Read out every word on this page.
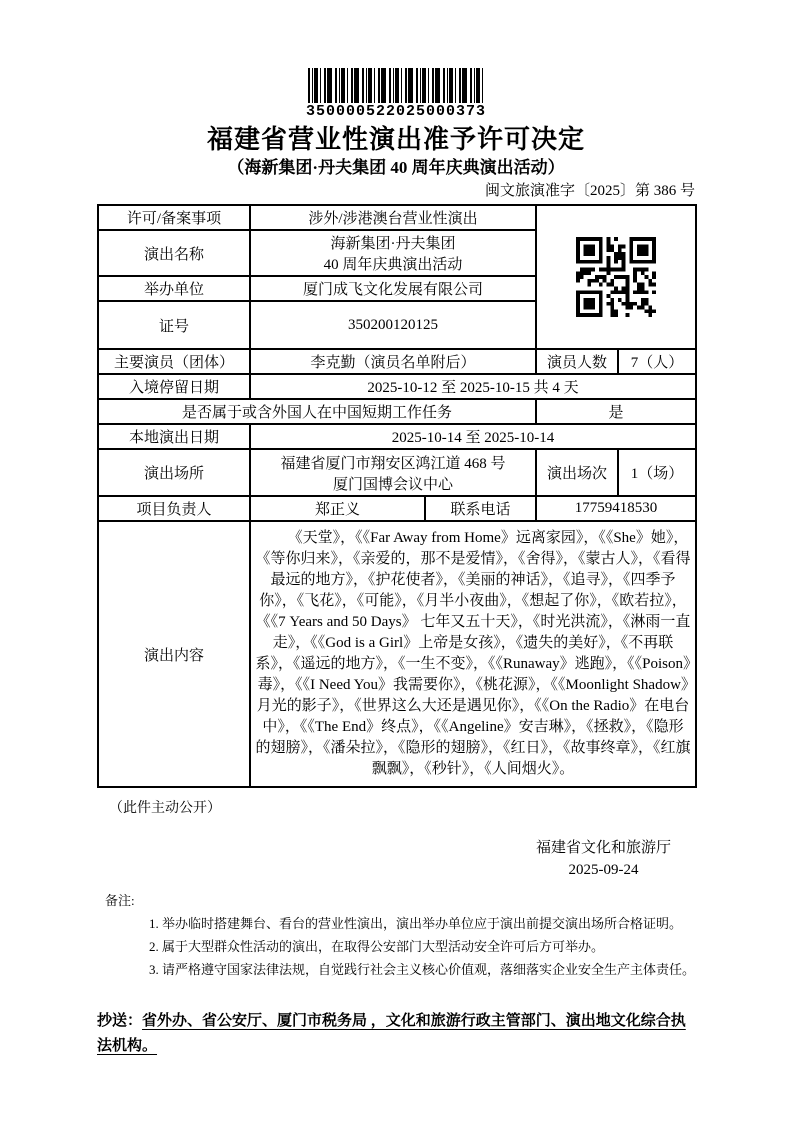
350000522025000373
福建省营业性演出准予许可决定
（海新集团·丹夫集团 40 周年庆典演出活动）
闽文旅演准字〔2025〕第 386 号
许可/备案事项	涉外/涉港澳台营业性演出	

演出名称	海新集团·丹夫集团
40 周年庆典演出活动			

举办单位	厦门成飞文化发展有限公司			
证号	350200120125			
主要演员（团体）	李克勤（演员名单附后）		演员人数	7（人）
入境停留日期	2025-10-12 至 2025-10-15 共 4 天			
是否属于或含外国人在中国短期工作任务			是	
本地演出日期	2025-10-14 至 2025-10-14			
演出场所	福建省厦门市翔安区鸿江道 468 号
厦门国博会议中心		演出场次	1（场）
项目负责人	郑正义	联系电话	17759418530	
演出内容	《天堂》，《《Far Away from Home》远离家园》，《《She》她》，《等你归来》，《亲爱的，那不是爱情》，《舍得》，《蒙古人》，《看得最远的地方》，《护花使者》，《美丽的神话》，《追寻》，《四季予你》，《飞花》，《可能》，《月半小夜曲》，《想起了你》，《欧若拉》，《《7 Years and 50 Days》 七年又五十天》，《时光洪流》，《淋雨一直走》，《《God is a Girl》上帝是女孩》，《遗失的美好》，《不再联系》，《遥远的地方》，《一生不变》，《《Runaway》逃跑》，《《Poison》毒》，《《I Need You》我需要你》，《桃花源》，《《Moonlight Shadow》月光的影子》，《世界这么大还是遇见你》，《《On the Radio》在电台中》，《《The End》终点》，《《Angeline》安吉琳》，《拯救》，《隐形的翅膀》，《潘朵拉》，《隐形的翅膀》，《红日》，《故事终章》，《红旗飘飘》，《秒针》，《人间烟火》。			

（此件主动公开）
福建省文化和旅游厅
2025-09-24
备注:

1. 举办临时搭建舞台、看台的营业性演出，演出举办单位应于演出前提交演出场所合格证明。

2. 属于大型群众性活动的演出，在取得公安部门大型活动安全许可后方可举办。

3. 请严格遵守国家法律法规，自觉践行社会主义核心价值观，落细落实企业安全生产主体责任。

抄送：省外办、省公安厅、厦门市税务局 ，文化和旅游行政主管部门、演出地文化综合执法机构。
